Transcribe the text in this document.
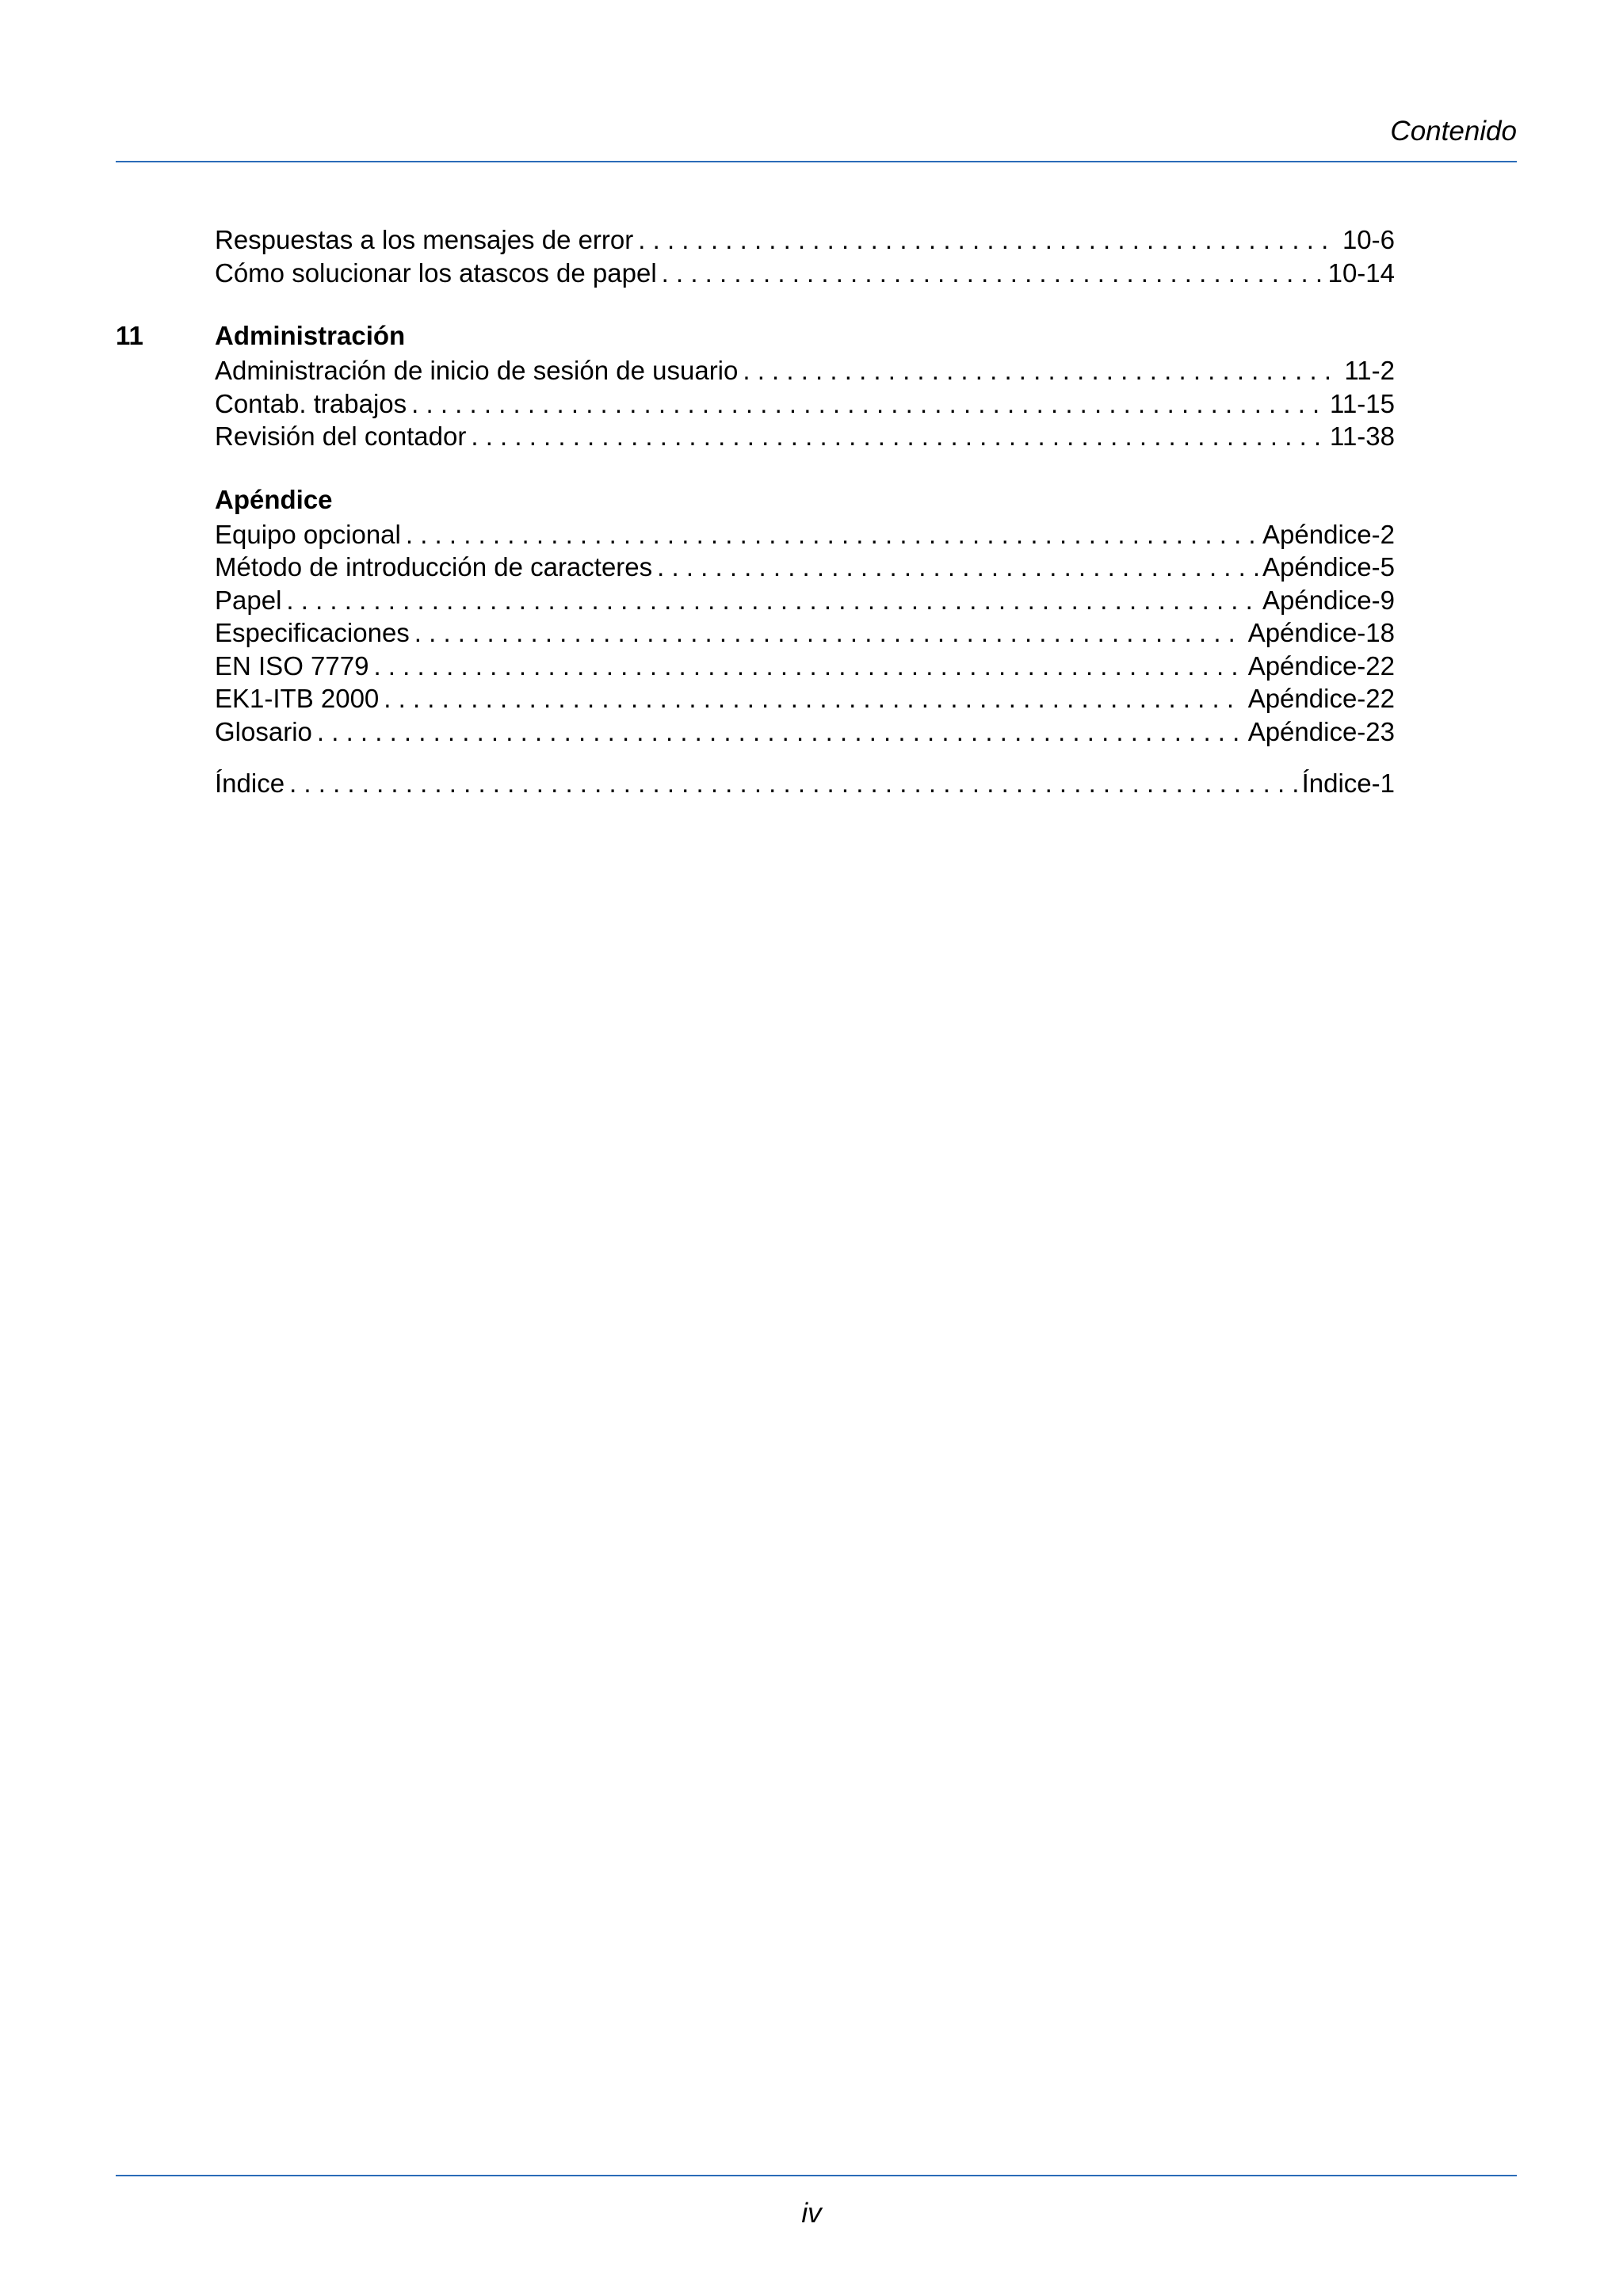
Contenido
Respuestas a los mensajes de error . . .	10-6
Cómo solucionar los atascos de papel . . .	10-14
11	Administración
Administración de inicio de sesión de usuario . . .	11-2
Contab. trabajos . . .	11-15
Revisión del contador . . .	11-38
Apéndice
Equipo opcional . . .	Apéndice-2
Método de introducción de caracteres . . .	Apéndice-5
Papel . . .	Apéndice-9
Especificaciones . . .	Apéndice-18
EN ISO 7779 . . .	Apéndice-22
EK1-ITB 2000 . . .	Apéndice-22
Glosario . . .	Apéndice-23
Índice . . .	Índice-1
iv
